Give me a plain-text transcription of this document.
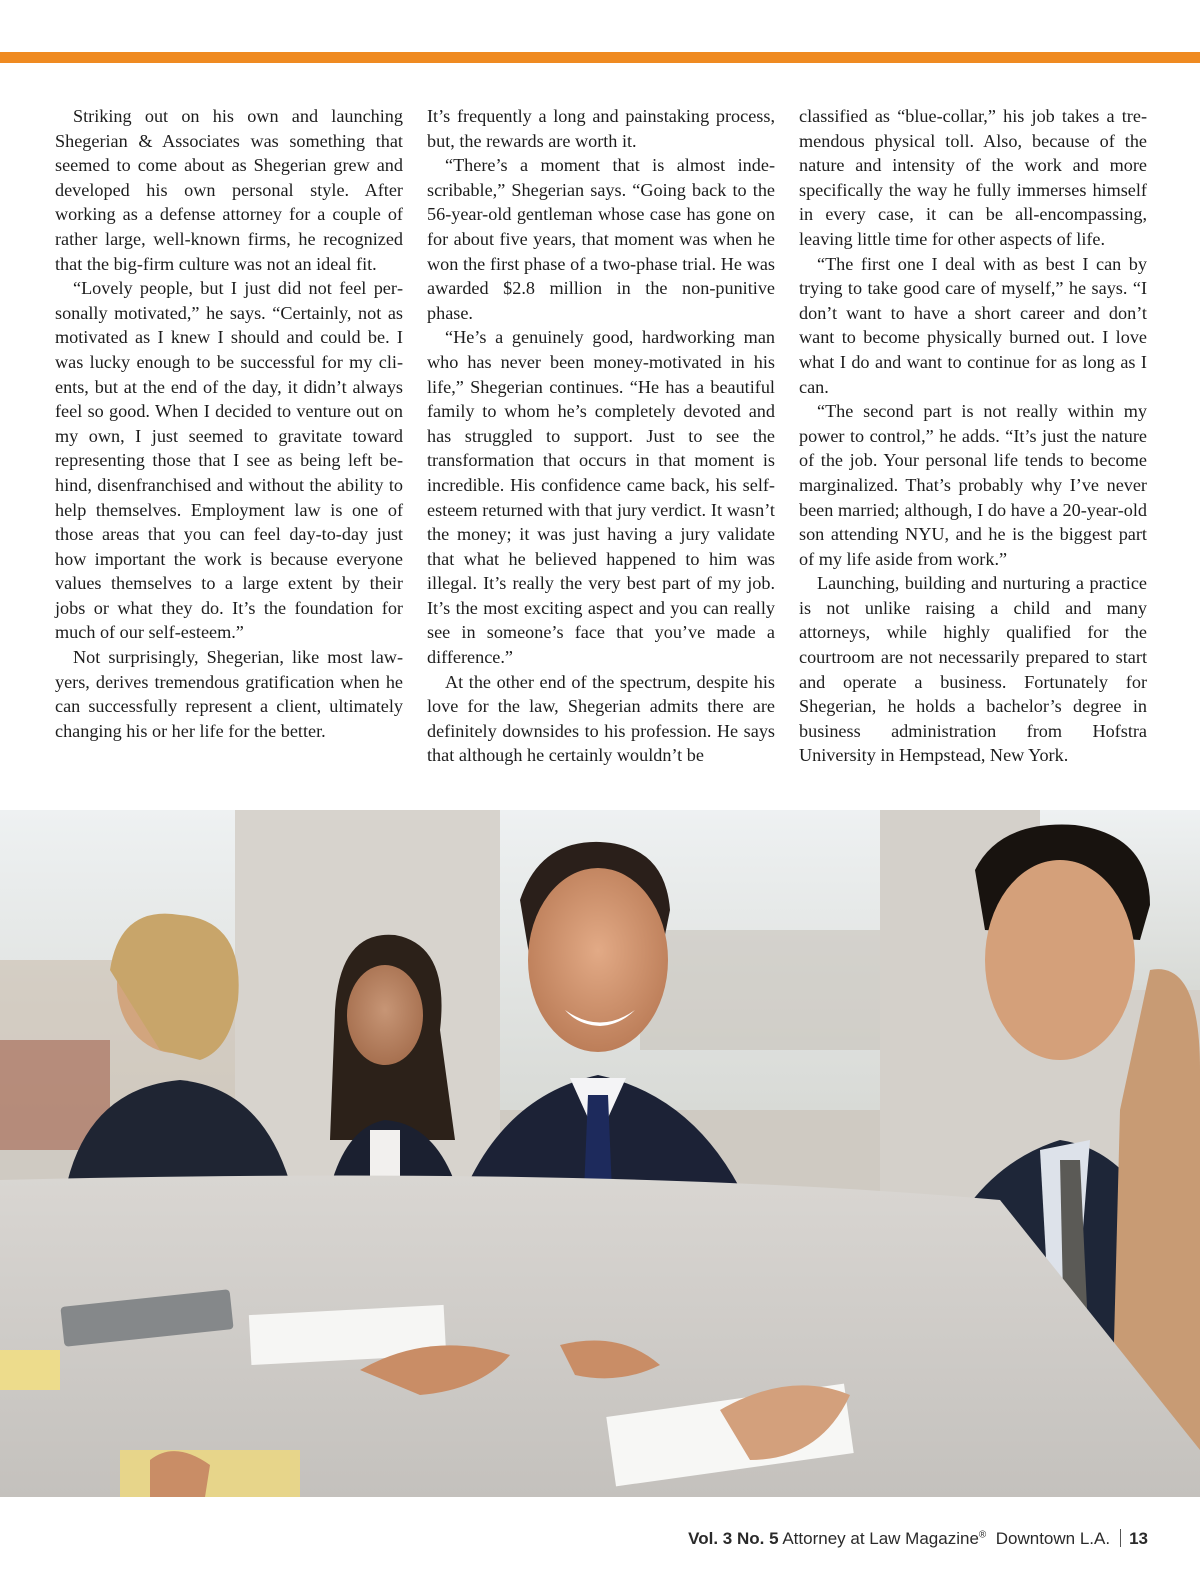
Striking out on his own and launching Shegerian & Associates was something that seemed to come about as Shegerian grew and developed his own personal style. After working as a defense attorney for a couple of rather large, well-known firms, he recognized that the big-firm culture was not an ideal fit.

“Lovely people, but I just did not feel personally motivated,” he says. “Certainly, not as motivated as I knew I should and could be. I was lucky enough to be successful for my clients, but at the end of the day, it didn’t always feel so good. When I decided to venture out on my own, I just seemed to gravitate toward representing those that I see as being left behind, disenfranchised and without the ability to help themselves. Employment law is one of those areas that you can feel day-to-day just how important the work is because everyone values themselves to a large extent by their jobs or what they do. It’s the foundation for much of our self-esteem.”

Not surprisingly, Shegerian, like most lawyers, derives tremendous gratification when he can successfully represent a client, ultimately changing his or her life for the better.

It’s frequently a long and painstaking process, but, the rewards are worth it.

“There’s a moment that is almost indescribable,” Shegerian says. “Going back to the 56-year-old gentleman whose case has gone on for about five years, that moment was when he won the first phase of a two-phase trial. He was awarded $2.8 million in the non-punitive phase.

“He’s a genuinely good, hardworking man who has never been money-motivated in his life,” Shegerian continues. “He has a beautiful family to whom he’s completely devoted and has struggled to support. Just to see the transformation that occurs in that moment is incredible. His confidence came back, his self-esteem returned with that jury verdict. It wasn’t the money; it was just having a jury validate that what he believed happened to him was illegal. It’s really the very best part of my job. It’s the most exciting aspect and you can really see in someone’s face that you’ve made a difference.”

At the other end of the spectrum, despite his love for the law, Shegerian admits there are definitely downsides to his profession. He says that although he certainly wouldn’t be

classified as “blue-collar,” his job takes a tremendous physical toll. Also, because of the nature and intensity of the work and more specifically the way he fully immerses himself in every case, it can be all-encompassing, leaving little time for other aspects of life.

“The first one I deal with as best I can by trying to take good care of myself,” he says. “I don’t want to have a short career and don’t want to become physically burned out. I love what I do and want to continue for as long as I can.

“The second part is not really within my power to control,” he adds. “It’s just the nature of the job. Your personal life tends to become marginalized. That’s probably why I’ve never been married; although, I do have a 20-year-old son attending NYU, and he is the biggest part of my life aside from work.”

Launching, building and nurturing a practice is not unlike raising a child and many attorneys, while highly qualified for the courtroom are not necessarily prepared to start and operate a business. Fortunately for Shegerian, he holds a bachelor’s degree in business administration from Hofstra University in Hempstead, New York.

Vol. 3 No. 5 Attorney at Law Magazine® Downtown L.A. 13
